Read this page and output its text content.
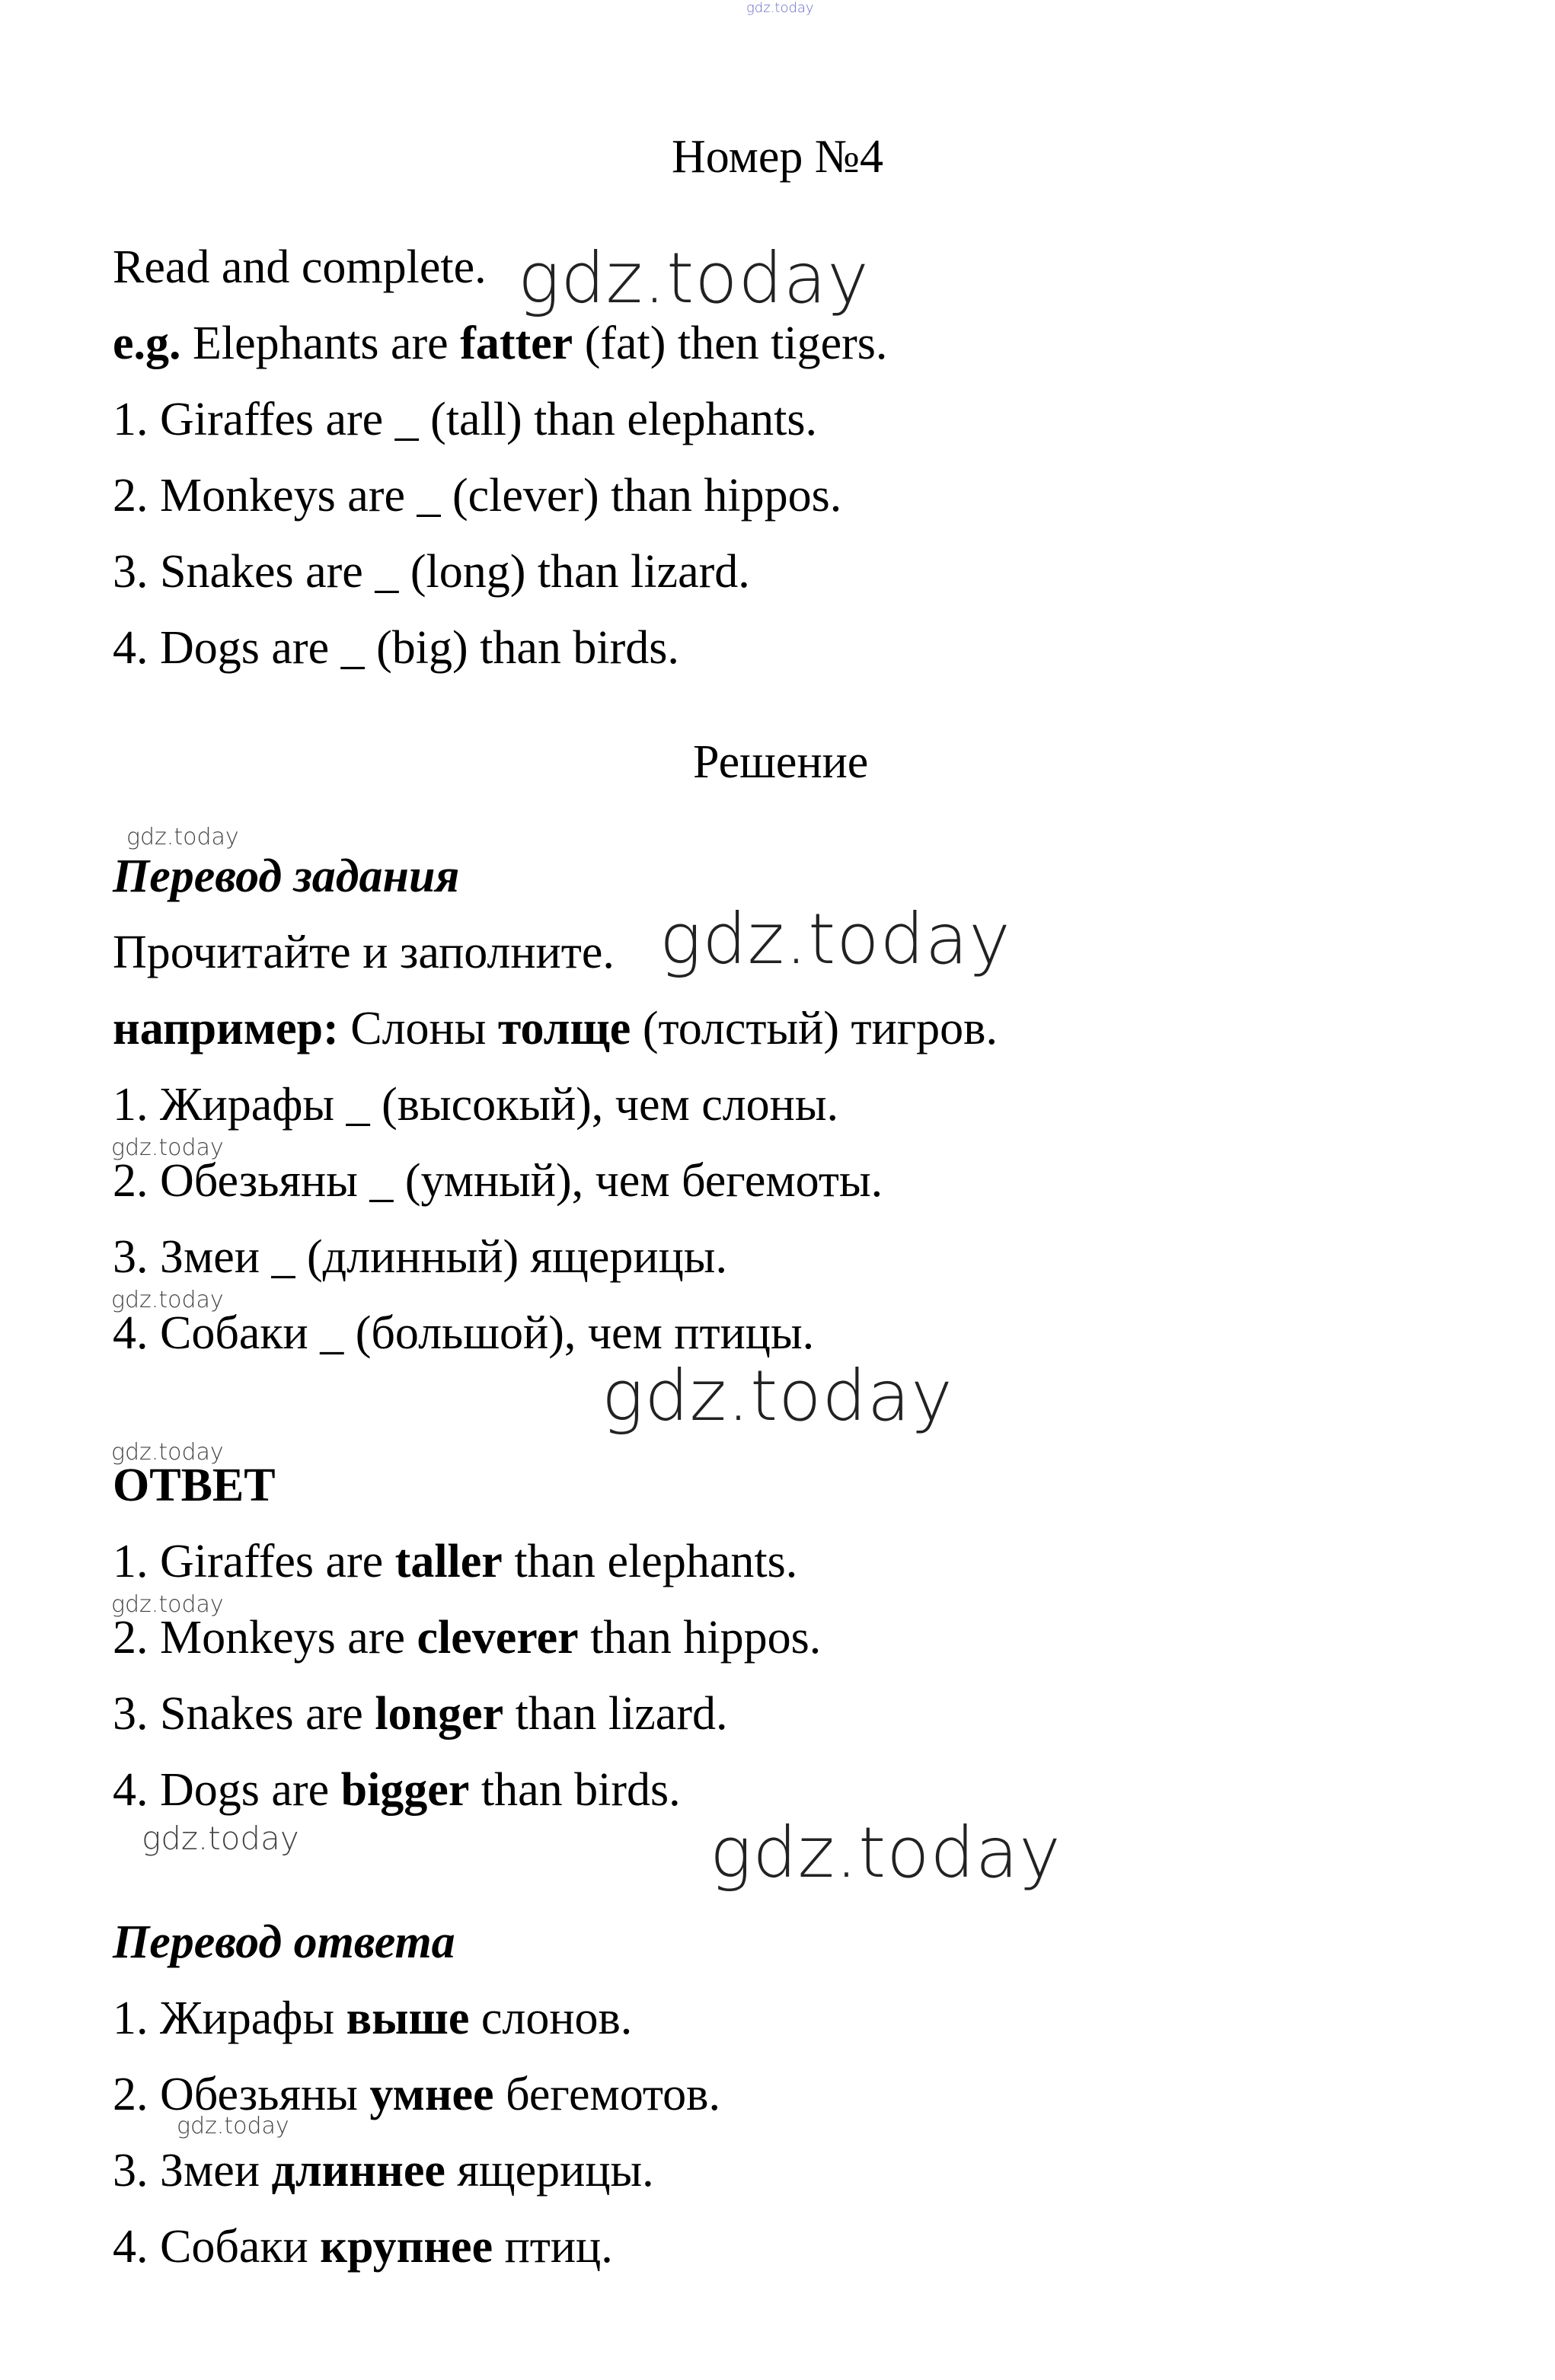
gdz.today
Номер №4
Read and complete. gdz.today
e.g. Elephants are fatter (fat) then tigers.
1. Giraffes are _ (tall) than elephants.
2. Monkeys are _ (clever) than hippos.
3. Snakes are _ (long) than lizard.
4. Dogs are _ (big) than birds.
Решение
gdz.today
Перевод задания
Прочитайте и заполните. gdz.today
например: Слоны толще (толстый) тигров.
1. Жирафы _ (высокый), чем слоны.
gdz.today
2. Обезьяны _ (умный), чем бегемоты.
3. Змеи _ (длинный) ящерицы.
gdz.today
4. Собаки _ (большой), чем птицы.
gdz.today
gdz.today
ОТВЕТ
1. Giraffes are taller than elephants.
gdz.today
2. Monkeys are cleverer than hippos.
3. Snakes are longer than lizard.
4. Dogs are bigger than birds.
gdz.today	gdz.today
Перевод ответа
1. Жирафы выше слонов.
2. Обезьяны умнее бегемотов.
gdz.today
3. Змеи длиннее ящерицы.
4. Собаки крупнее птиц.
